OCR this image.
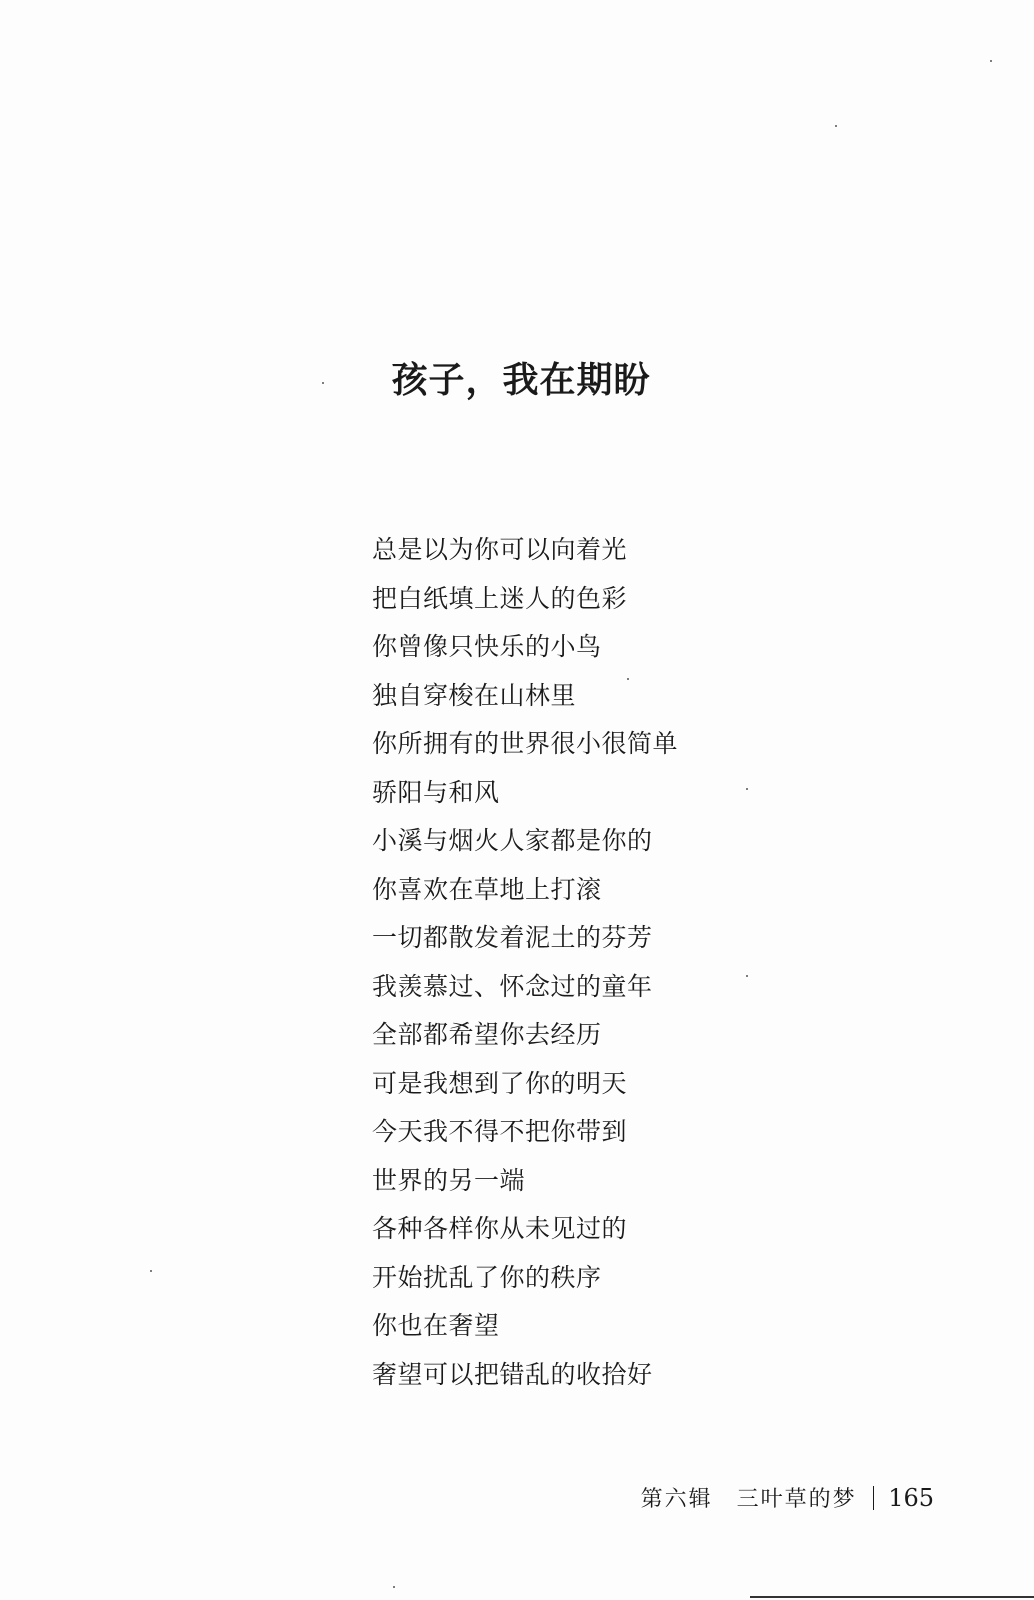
孩子，我在期盼
总是以为你可以向着光
把白纸填上迷人的色彩
你曾像只快乐的小鸟
独自穿梭在山林里
你所拥有的世界很小很简单
骄阳与和风
小溪与烟火人家都是你的
你喜欢在草地上打滚
一切都散发着泥土的芬芳
我羡慕过、怀念过的童年
全部都希望你去经历
可是我想到了你的明天
今天我不得不把你带到
世界的另一端
各种各样你从未见过的
开始扰乱了你的秩序
你也在奢望
奢望可以把错乱的收拾好
第六辑　三叶草的梦 165
